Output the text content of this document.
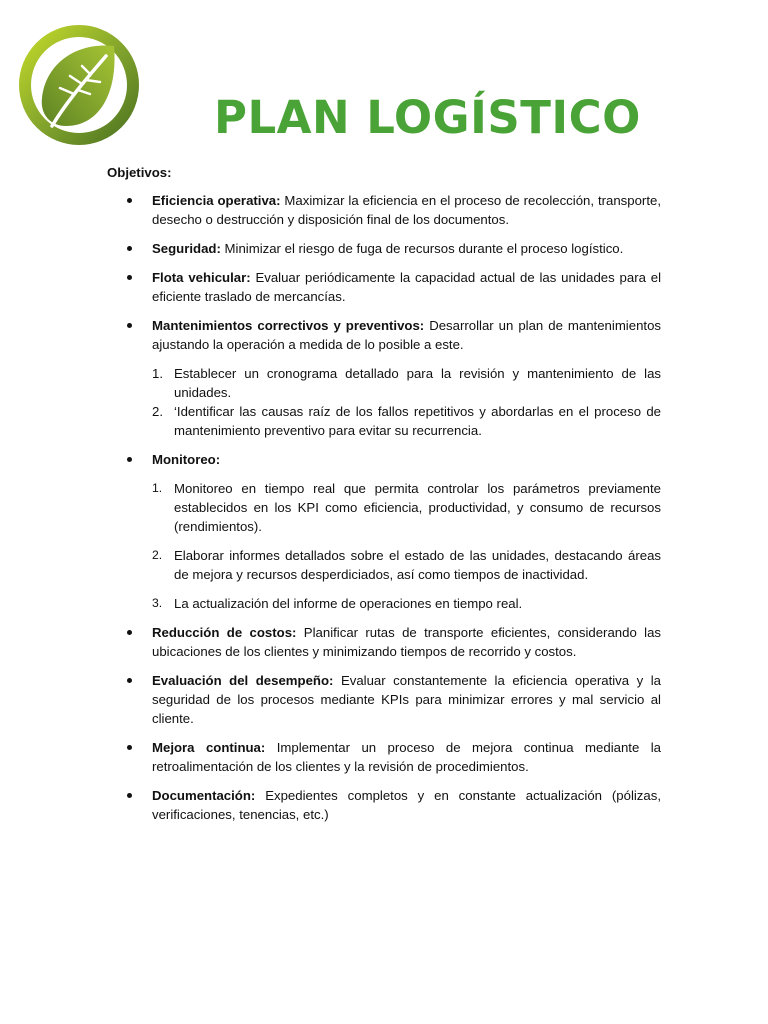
PLAN LOGÍSTICO

Objetivos:

Eficiencia operativa: Maximizar la eficiencia en el proceso de recolección, transporte, desecho o destrucción y disposición final de los documentos.
Seguridad: Minimizar el riesgo de fuga de recursos durante el proceso logístico.
Flota vehicular: Evaluar periódicamente la capacidad actual de las unidades para el eficiente traslado de mercancías.
Mantenimientos correctivos y preventivos: Desarrollar un plan de mantenimientos ajustando la operación a medida de lo posible a este.
1. Establecer un cronograma detallado para la revisión y mantenimiento de las unidades.
2. ‘Identificar las causas raíz de los fallos repetitivos y abordarlas en el proceso de mantenimiento preventivo para evitar su recurrencia.
Monitoreo:
1. Monitoreo en tiempo real que permita controlar los parámetros previamente establecidos en los KPI como eficiencia, productividad, y consumo de recursos (rendimientos).
2. Elaborar informes detallados sobre el estado de las unidades, destacando áreas de mejora y recursos desperdiciados, así como tiempos de inactividad.
3. La actualización del informe de operaciones en tiempo real.
Reducción de costos: Planificar rutas de transporte eficientes, considerando las ubicaciones de los clientes y minimizando tiempos de recorrido y costos.
Evaluación del desempeño: Evaluar constantemente la eficiencia operativa y la seguridad de los procesos mediante KPIs para minimizar errores y mal servicio al cliente.
Mejora continua: Implementar un proceso de mejora continua mediante la retroalimentación de los clientes y la revisión de procedimientos.
Documentación: Expedientes completos y en constante actualización (pólizas, verificaciones, tenencias, etc.)
